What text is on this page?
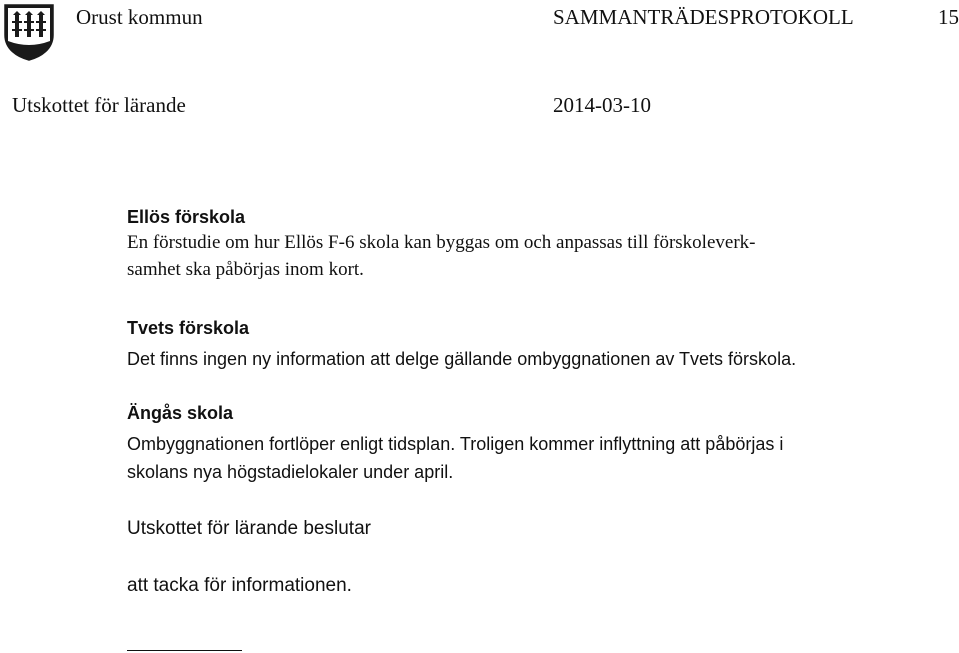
Orust kommun	SAMMANTRÄDESPROTOKOLL	15
Utskottet för lärande	2014-03-10
Ellös förskola
En förstudie om hur Ellös F-6 skola kan byggas om och anpassas till förskoleverk-
samhet ska påbörjas inom kort.
Tvets förskola
Det finns ingen ny information att delge gällande ombyggnationen av Tvets förskola.
Ängås skola
Ombyggnationen fortlöper enligt tidsplan. Troligen kommer inflyttning att påbörjas i
skolans nya högstadielokaler under april.
Utskottet för lärande beslutar
att tacka för informationen.
